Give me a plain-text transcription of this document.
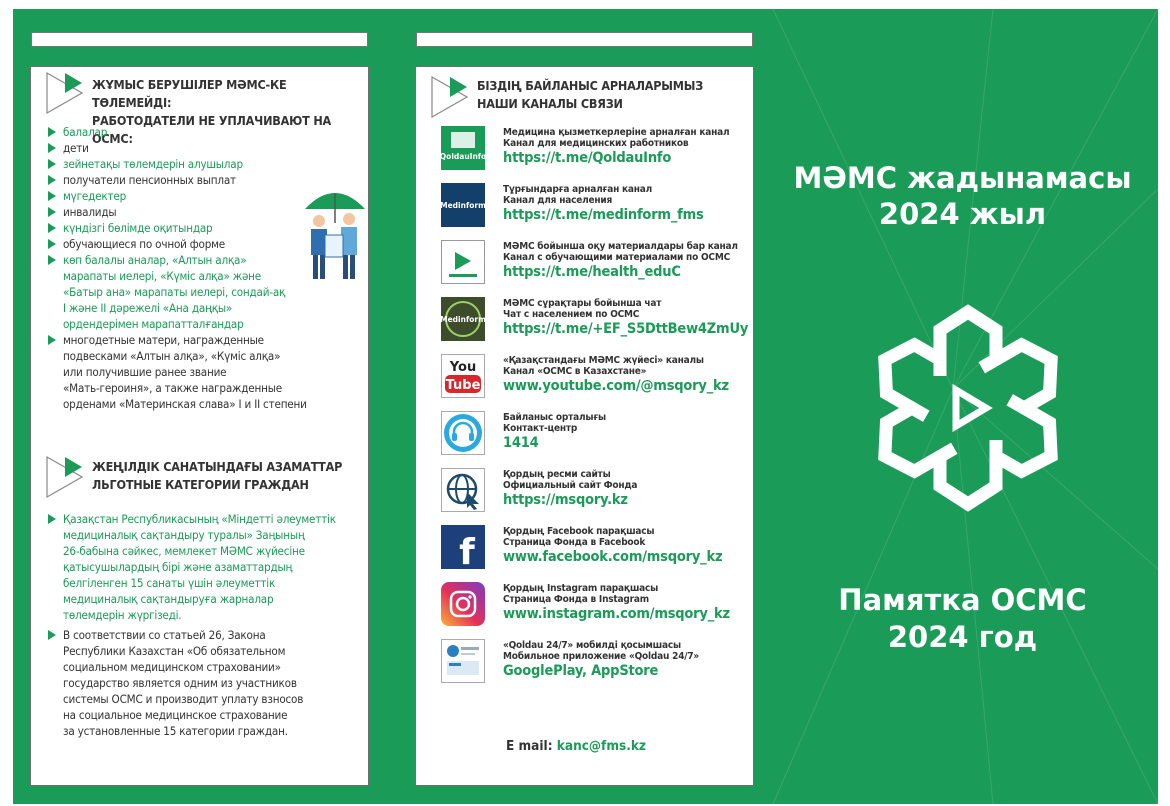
ЖҰМЫС БЕРУШІЛЕР МӘМС-КЕ ТӨЛЕМЕЙДІ:
РАБОТОДАТЕЛИ НЕ УПЛАЧИВАЮТ НА ОСМС:
балалар
дети
зейнетақы төлемдерін алушылар
получатели пенсионных выплат
мүгедектер
инвалиды
күндізгі бөлімде оқитындар
обучающиеся по очной форме
көп балалы аналар, «Алтын алқа»
марапаты иелері, «Күміс алқа» және
«Батыр ана» марапаты иелері, сондай-ақ
I және II дәрежелі «Ана даңқы»
ордендерімен марапатталғандар
многодетные матери, награжденные
подвесками «Алтын алқа», «Күміс алқа»
или получившие ранее звание
«Мать-героиня», а также награжденные
орденами «Материнская слава» I и II степени
ЖЕҢІЛДІК САНАТЫНДАҒЫ АЗАМАТТАР
ЛЬГОТНЫЕ КАТЕГОРИИ ГРАЖДАН
Қазақстан Республикасының «Міндетті әлеуметтік
медициналық сақтандыру туралы» Заңының
26-бабына сәйкес, мемлекет МӘМС жүйесіне
қатысушылардың бірі және азаматтардың
белгіленген 15 санаты үшін әлеуметтік
медициналық сақтандыруға жарналар
төлемдерін жүргізеді.
В соответствии со статьей 26, Закона
Республики Казахстан «Об обязательном
социальном медицинском страховании»
государство является одним из участников
системы ОСМС и производит уплату взносов
на социальное медицинское страхование
за установленные 15 категории граждан.
БІЗДІҢ БАЙЛАНЫС АРНАЛАРЫМЫЗ
НАШИ КАНАЛЫ СВЯЗИ
QoldauInfo
Медицина қызметкерлеріне арналған канал
Канал для медицинских работников
https://t.me/QoldauInfo
Medinform
Тұрғындарға арналған канал
Канал для населения
https://t.me/medinform_fms
МӘМС бойынша оқу материалдары бар канал
Канал с обучающими материалами по ОСМС
https://t.me/health_eduC
Medinform
МӘМС сұрақтары бойынша чат
Чат с населением по ОСМС
https://t.me/+EF_S5DttBew4ZmUy
You
Tube
«Қазақстандағы МӘМС жүйесі» каналы
Канал «ОСМС в Казахстане»
www.youtube.com/@msqory_kz
Байланыс орталығы
Контакт-центр
1414
Қордың ресми сайты
Официальный сайт Фонда
https://msqory.kz
f
Қордың Facebook парақшасы
Страница Фонда в Facebook
www.facebook.com/msqory_kz
Қордың Instagram парақшасы
Страница Фонда в Instagram
www.instagram.com/msqory_kz
«Qoldau 24/7» мобилді қосымшасы
Мобильное приложение «Qoldau 24/7»
GooglePlay, AppStore
E mail: kanc@fms.kz
МӘМС жадынамасы
2024 жыл
Памятка ОСМС
2024 год
